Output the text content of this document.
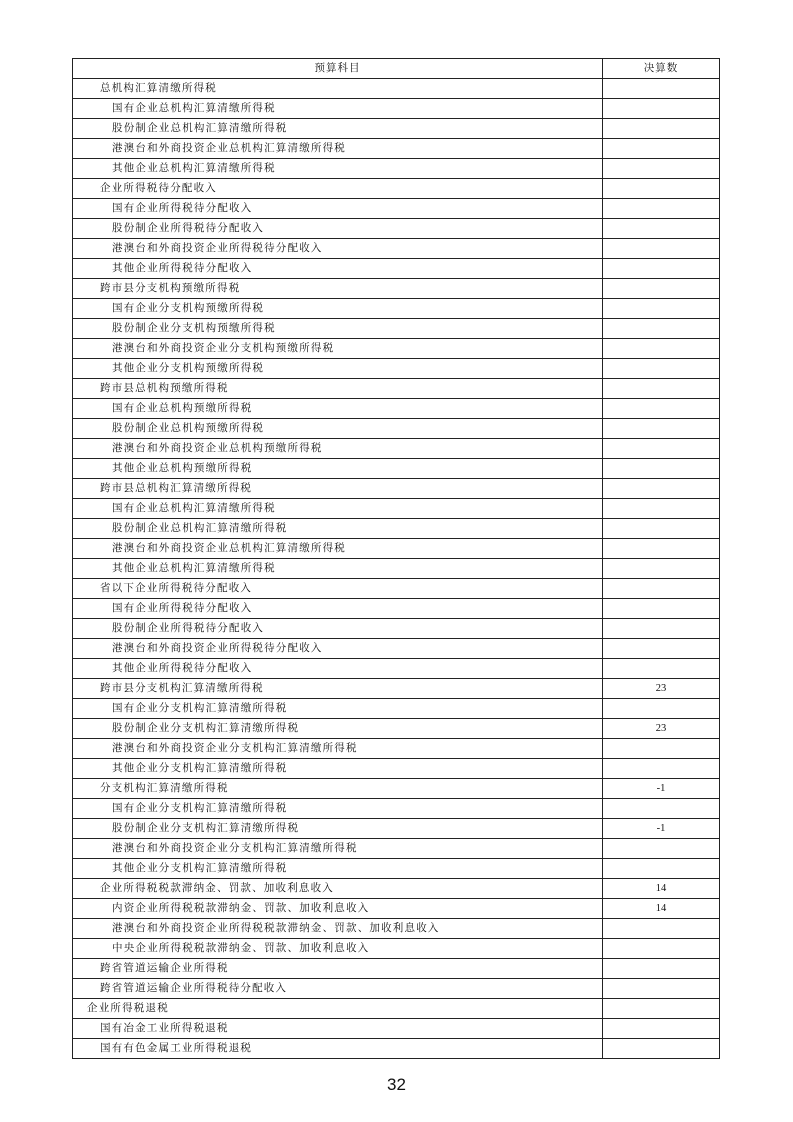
预算科目	决算数
总机构汇算清缴所得税	
国有企业总机构汇算清缴所得税	
股份制企业总机构汇算清缴所得税	
港澳台和外商投资企业总机构汇算清缴所得税	
其他企业总机构汇算清缴所得税	
企业所得税待分配收入	
国有企业所得税待分配收入	
股份制企业所得税待分配收入	
港澳台和外商投资企业所得税待分配收入	
其他企业所得税待分配收入	
跨市县分支机构预缴所得税	
国有企业分支机构预缴所得税	
股份制企业分支机构预缴所得税	
港澳台和外商投资企业分支机构预缴所得税	
其他企业分支机构预缴所得税	
跨市县总机构预缴所得税	
国有企业总机构预缴所得税	
股份制企业总机构预缴所得税	
港澳台和外商投资企业总机构预缴所得税	
其他企业总机构预缴所得税	
跨市县总机构汇算清缴所得税	
国有企业总机构汇算清缴所得税	
股份制企业总机构汇算清缴所得税	
港澳台和外商投资企业总机构汇算清缴所得税	
其他企业总机构汇算清缴所得税	
省以下企业所得税待分配收入	
国有企业所得税待分配收入	
股份制企业所得税待分配收入	
港澳台和外商投资企业所得税待分配收入	
其他企业所得税待分配收入	
跨市县分支机构汇算清缴所得税	23
国有企业分支机构汇算清缴所得税	
股份制企业分支机构汇算清缴所得税	23
港澳台和外商投资企业分支机构汇算清缴所得税	
其他企业分支机构汇算清缴所得税	
分支机构汇算清缴所得税	-1
国有企业分支机构汇算清缴所得税	
股份制企业分支机构汇算清缴所得税	-1
港澳台和外商投资企业分支机构汇算清缴所得税	
其他企业分支机构汇算清缴所得税	
企业所得税税款滞纳金、罚款、加收利息收入	14
内资企业所得税税款滞纳金、罚款、加收利息收入	14
港澳台和外商投资企业所得税税款滞纳金、罚款、加收利息收入	
中央企业所得税税款滞纳金、罚款、加收利息收入	
跨省管道运输企业所得税	
跨省管道运输企业所得税待分配收入	
企业所得税退税	
国有冶金工业所得税退税	
国有有色金属工业所得税退税	
32
